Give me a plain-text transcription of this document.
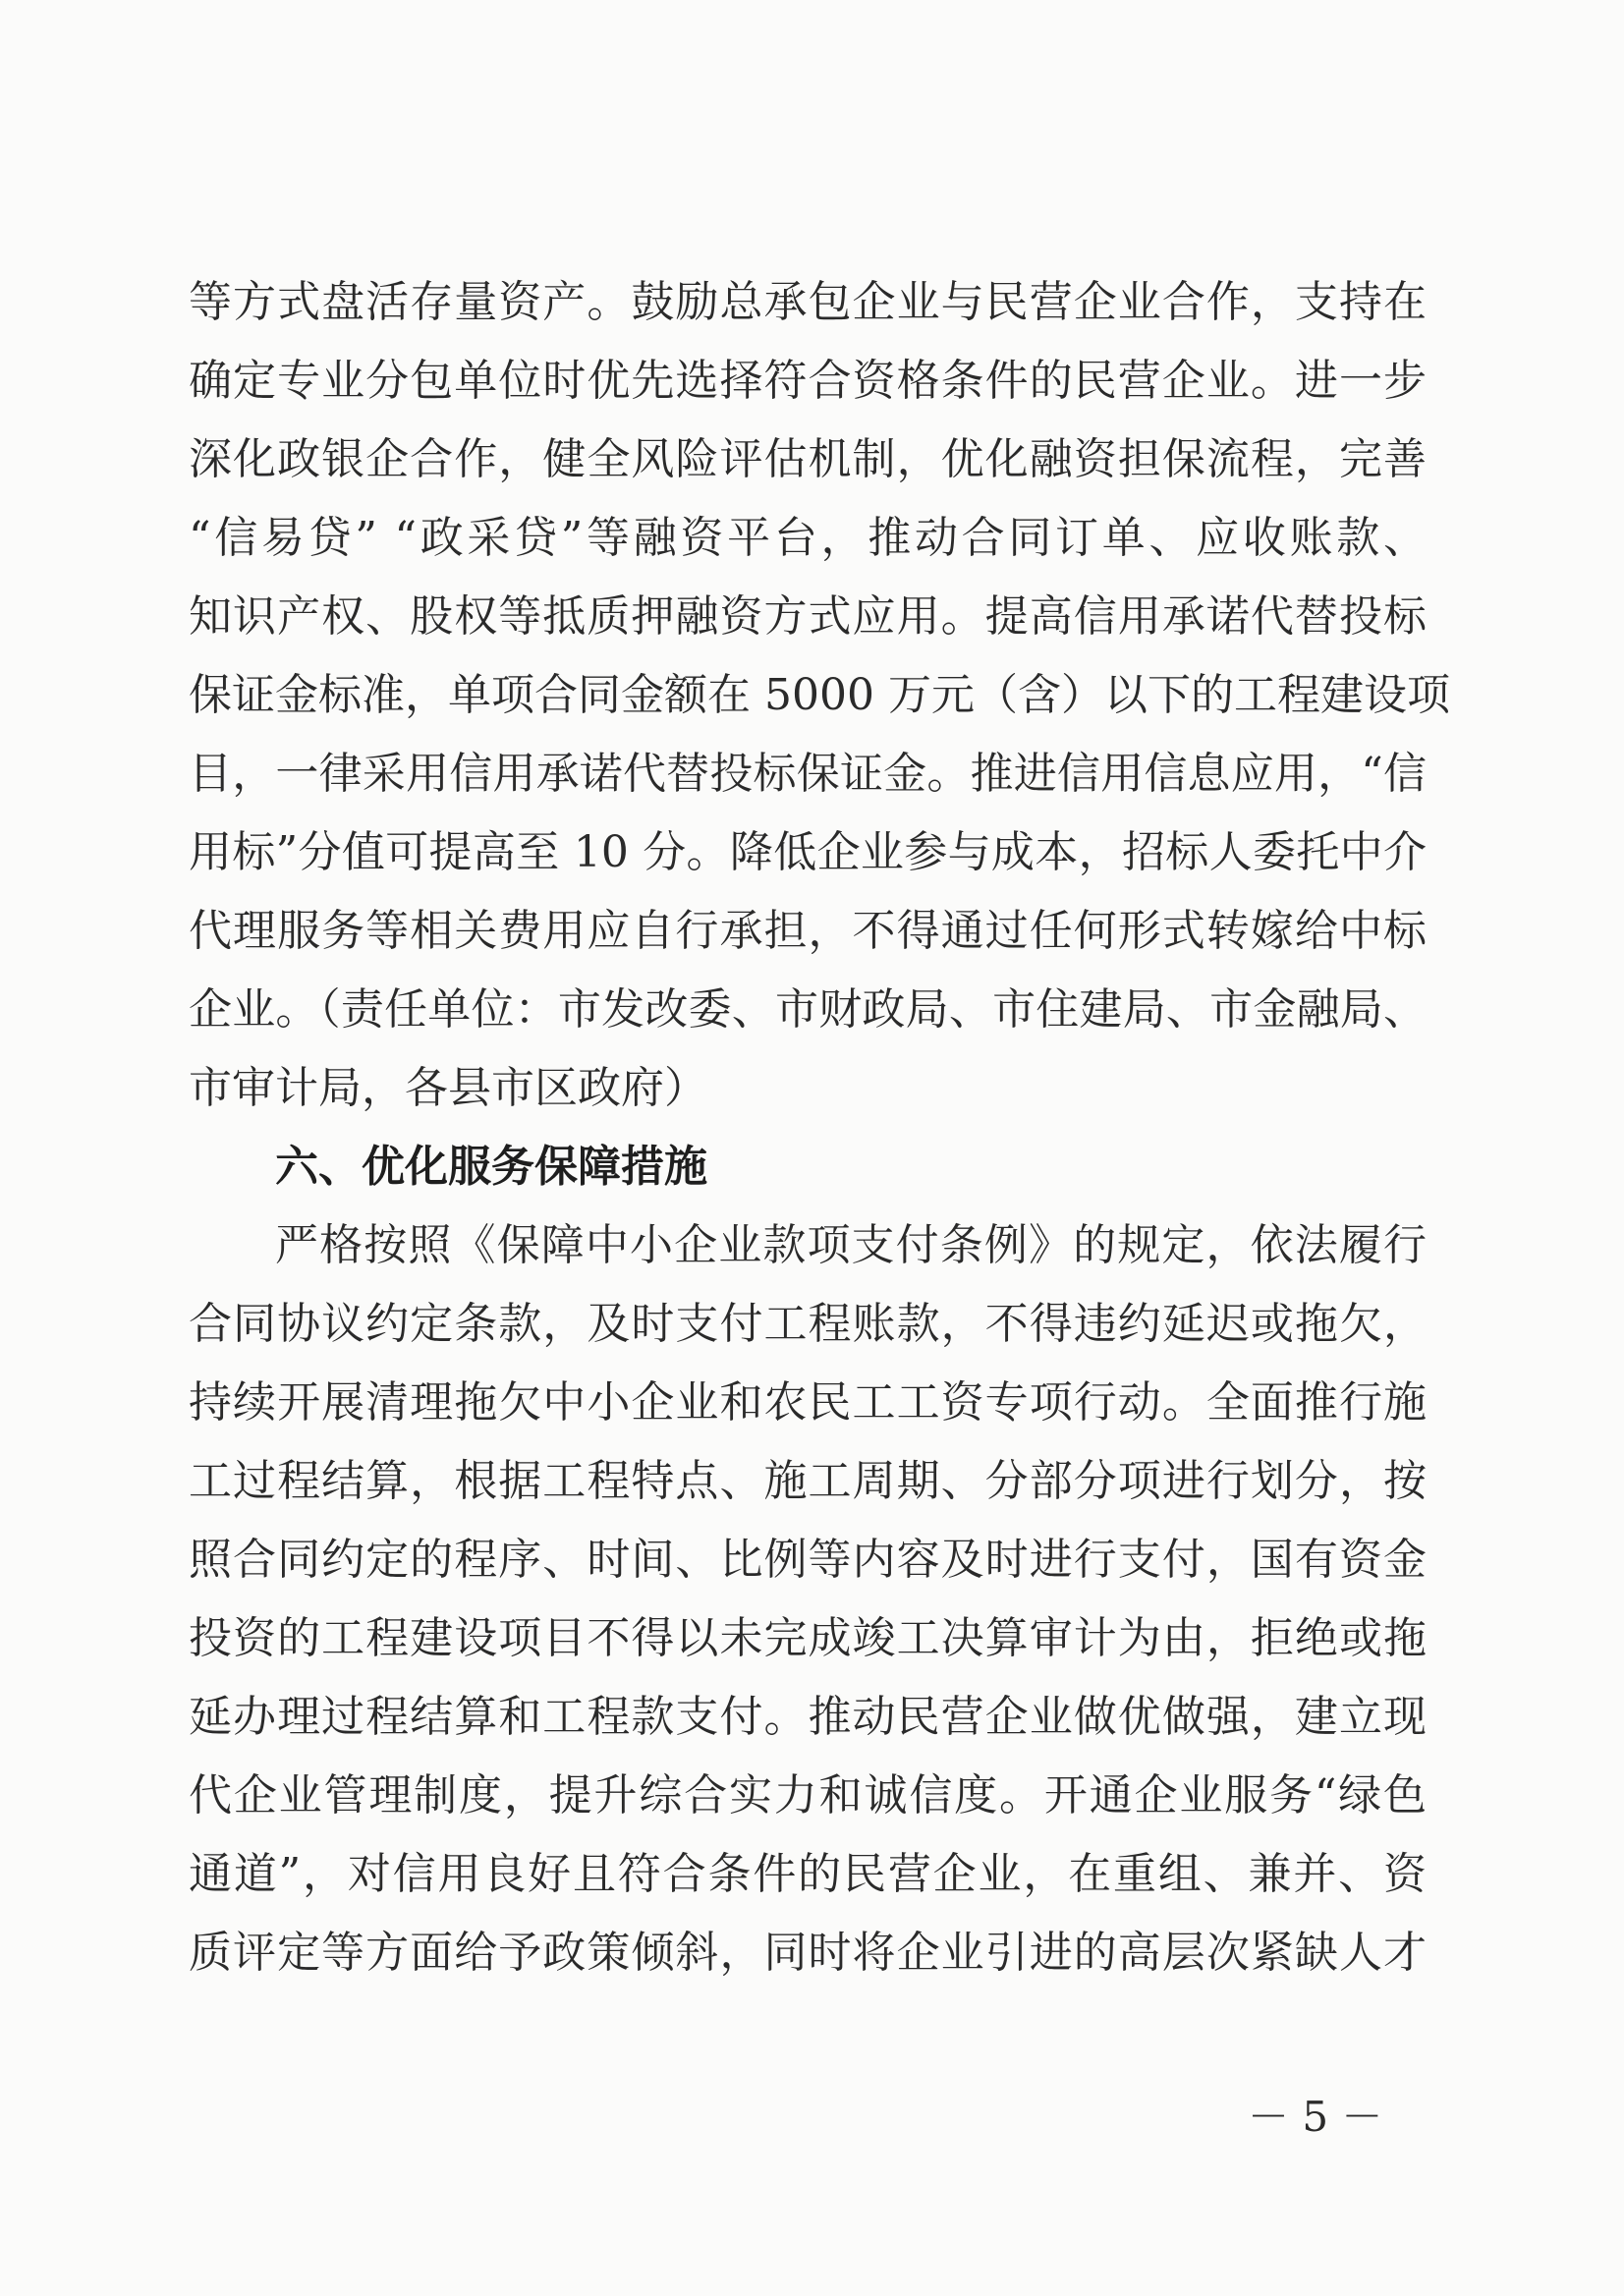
等方式盘活存量资产。鼓励总承包企业与民营企业合作，支持在
确定专业分包单位时优先选择符合资格条件的民营企业。进一步
深化政银企合作，健全风险评估机制，优化融资担保流程，完善
“信易贷” “政采贷”等融资平台，推动合同订单、应收账款、
知识产权、股权等抵质押融资方式应用。提高信用承诺代替投标
保证金标准，单项合同金额在 5000 万元（含）以下的工程建设项
目，一律采用信用承诺代替投标保证金。推进信用信息应用，“信
用标”分值可提高至 10 分。降低企业参与成本，招标人委托中介
代理服务等相关费用应自行承担，不得通过任何形式转嫁给中标
企业。（责任单位：市发改委、市财政局、市住建局、市金融局、
市审计局，各县市区政府）
六、优化服务保障措施
严格按照《保障中小企业款项支付条例》的规定，依法履行
合同协议约定条款，及时支付工程账款，不得违约延迟或拖欠，
持续开展清理拖欠中小企业和农民工工资专项行动。全面推行施
工过程结算，根据工程特点、施工周期、分部分项进行划分，按
照合同约定的程序、时间、比例等内容及时进行支付，国有资金
投资的工程建设项目不得以未完成竣工决算审计为由，拒绝或拖
延办理过程结算和工程款支付。推动民营企业做优做强，建立现
代企业管理制度，提升综合实力和诚信度。开通企业服务“绿色
通道”，对信用良好且符合条件的民营企业，在重组、兼并、资
质评定等方面给予政策倾斜，同时将企业引进的高层次紧缺人才
－ 5 －
